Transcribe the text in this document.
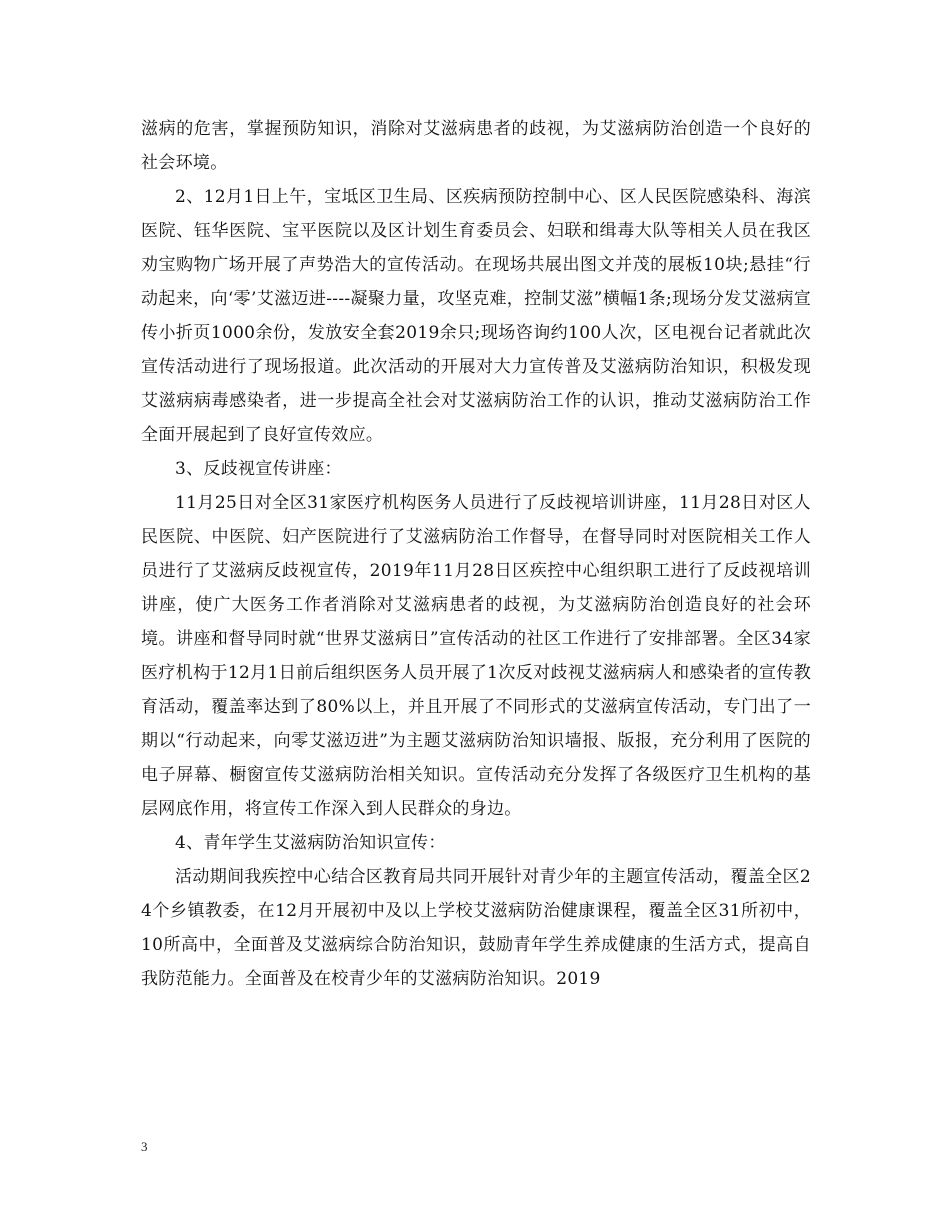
滋病的危害，掌握预防知识，消除对艾滋病患者的歧视，为艾滋病防治创造一个良好的社会环境。

2、12月1日上午，宝坻区卫生局、区疾病预防控制中心、区人民医院感染科、海滨医院、钰华医院、宝平医院以及区计划生育委员会、妇联和缉毒大队等相关人员在我区劝宝购物广场开展了声势浩大的宣传活动。在现场共展出图文并茂的展板10块;悬挂“行动起来，向‘零’艾滋迈进----凝聚力量，攻坚克难，控制艾滋”横幅1条;现场分发艾滋病宣传小折页1000余份，发放安全套2019余只;现场咨询约100人次，区电视台记者就此次宣传活动进行了现场报道。此次活动的开展对大力宣传普及艾滋病防治知识，积极发现艾滋病病毒感染者，进一步提高全社会对艾滋病防治工作的认识，推动艾滋病防治工作全面开展起到了良好宣传效应。

3、反歧视宣传讲座：

11月25日对全区31家医疗机构医务人员进行了反歧视培训讲座，11月28日对区人民医院、中医院、妇产医院进行了艾滋病防治工作督导，在督导同时对医院相关工作人员进行了艾滋病反歧视宣传，2019年11月28日区疾控中心组织职工进行了反歧视培训讲座，使广大医务工作者消除对艾滋病患者的歧视，为艾滋病防治创造良好的社会环境。讲座和督导同时就“世界艾滋病日”宣传活动的社区工作进行了安排部署。全区34家医疗机构于12月1日前后组织医务人员开展了1次反对歧视艾滋病病人和感染者的宣传教育活动，覆盖率达到了80%以上，并且开展了不同形式的艾滋病宣传活动，专门出了一期以“行动起来，向零艾滋迈进”为主题艾滋病防治知识墙报、版报，充分利用了医院的电子屏幕、橱窗宣传艾滋病防治相关知识。宣传活动充分发挥了各级医疗卫生机构的基层网底作用，将宣传工作深入到人民群众的身边。

4、青年学生艾滋病防治知识宣传：

活动期间我疾控中心结合区教育局共同开展针对青少年的主题宣传活动，覆盖全区24个乡镇教委，在12月开展初中及以上学校艾滋病防治健康课程，覆盖全区31所初中，10所高中，全面普及艾滋病综合防治知识，鼓励青年学生养成健康的生活方式，提高自我防范能力。全面普及在校青少年的艾滋病防治知识。2019

3
